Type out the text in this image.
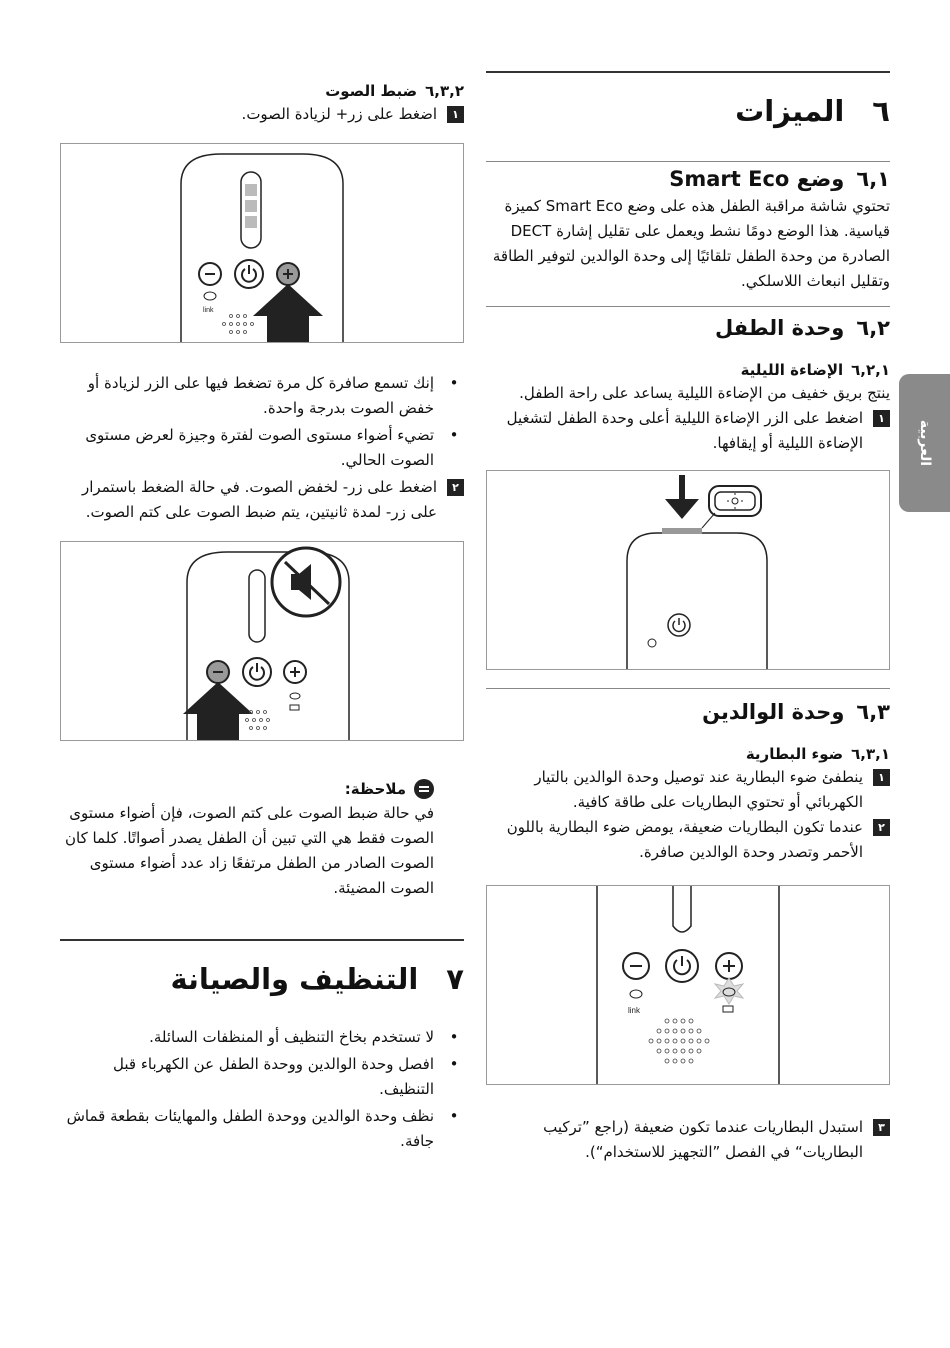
العربية
٦الميزات
٦,١وضع Smart Eco

تحتوي شاشة مراقبة الطفل هذه على وضع Smart Eco كميزة قياسية. هذا الوضع دومًا نشط ويعمل على تقليل إشارة DECT الصادرة من وحدة الطفل تلقائيًا إلى وحدة الوالدين لتوفير الطاقة وتقليل انبعاث اللاسلكي.

٦,٢وحدة الطفل
٦,٢,١الإضاءة الليلية

ينتج بريق خفيف من الإضاءة الليلية يساعد على راحة الطفل.

١
اضغط على الزر الإضاءة الليلية أعلى وحدة الطفل لتشغيل الإضاءة الليلية أو إيقافها.
٦,٣وحدة الوالدين
٦,٣,١ضوء البطارية
١
ينطفئ ضوء البطارية عند توصيل وحدة الوالدين بالتيار الكهربائي أو تحتوي البطاريات على طاقة كافية.
٢
عندما تكون البطاريات ضعيفة، يومض ضوء البطارية باللون الأحمر وتصدر وحدة الوالدين صافرة.
link
٣
استبدل البطاريات عندما تكون ضعيفة (راجع ”تركيب البطاريات“ في الفصل ”التجهيز للاستخدام“).
٦,٣,٢ضبط الصوت
١
اضغط على زر+ لزيادة الصوت.
link
• إنك تسمع صافرة كل مرة تضغط فيها على الزر لزيادة أو خفض الصوت بدرجة واحدة.
• تضيء أضواء مستوى الصوت لفترة وجيزة لعرض مستوى الصوت الحالي.
٢
اضغط على زر- لخفض الصوت. في حالة الضغط باستمرار على زر- لمدة ثانيتين، يتم ضبط الصوت على كتم الصوت.
ملاحظة:

في حالة ضبط الصوت على كتم الصوت، فإن أضواء مستوى الصوت فقط هي التي تبين أن الطفل يصدر أصواتًا. كلما كان الصوت الصادر من الطفل مرتفعًا زاد عدد أضواء مستوى الصوت المضيئة.

٧التنظيف والصيانة
• لا تستخدم بخاخ التنظيف أو المنظفات السائلة.
• افصل وحدة الوالدين ووحدة الطفل عن الكهرباء قبل التنظيف.
• نظف وحدة الوالدين ووحدة الطفل والمهايئات بقطعة قماش جافة.
